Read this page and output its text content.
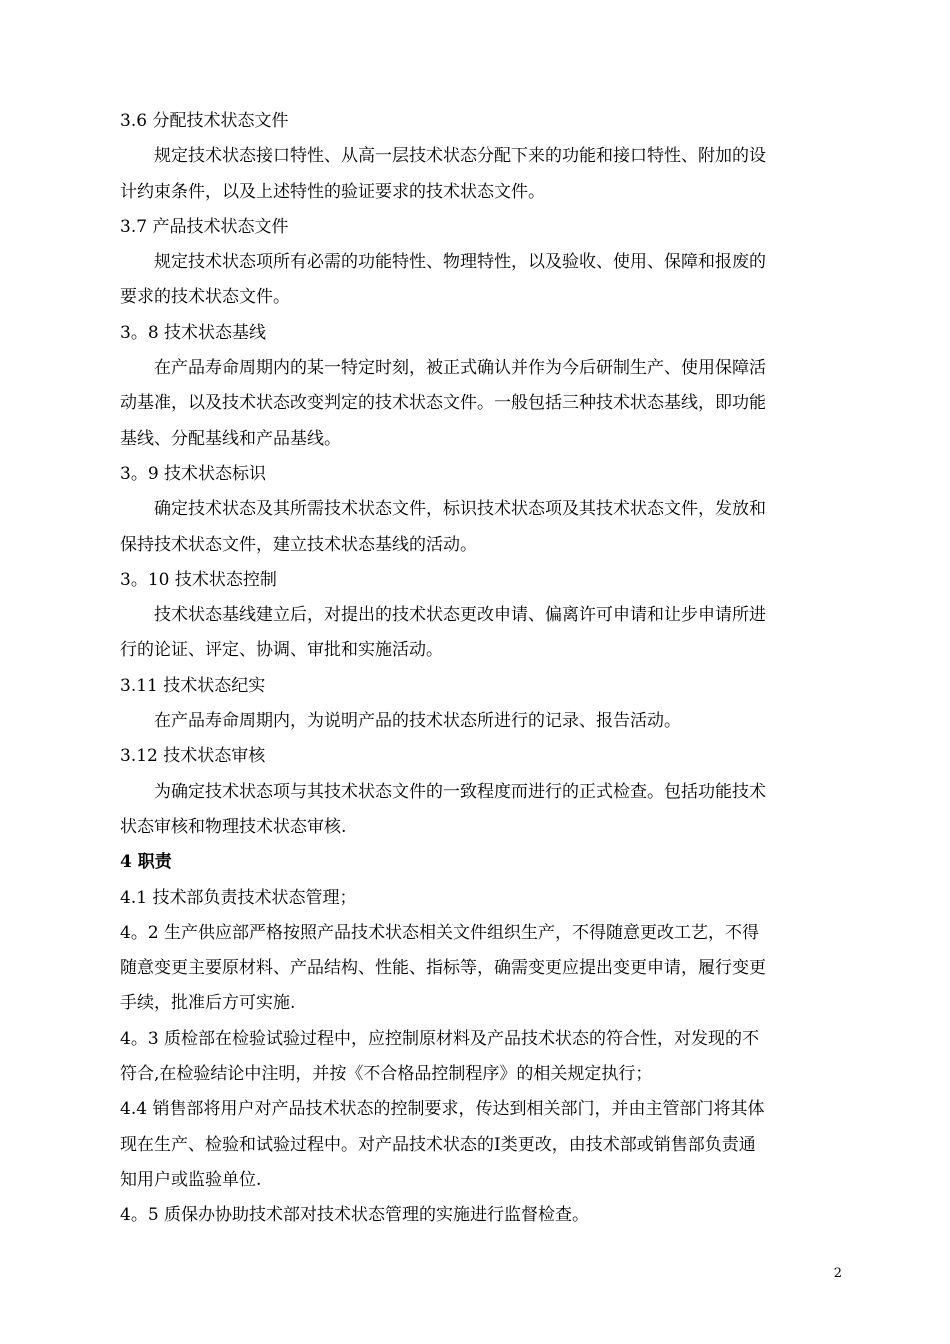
3.6 分配技术状态文件
规定技术状态接口特性、从高一层技术状态分配下来的功能和接口特性、附加的设
计约束条件，以及上述特性的验证要求的技术状态文件。
3.7 产品技术状态文件
规定技术状态项所有必需的功能特性、物理特性，以及验收、使用、保障和报废的
要求的技术状态文件。
3。8 技术状态基线
在产品寿命周期内的某一特定时刻，被正式确认并作为今后研制生产、使用保障活
动基准，以及技术状态改变判定的技术状态文件。一般包括三种技术状态基线，即功能
基线、分配基线和产品基线。
3。9 技术状态标识
确定技术状态及其所需技术状态文件，标识技术状态项及其技术状态文件，发放和
保持技术状态文件，建立技术状态基线的活动。
3。10 技术状态控制
技术状态基线建立后，对提出的技术状态更改申请、偏离许可申请和让步申请所进
行的论证、评定、协调、审批和实施活动。
3.11 技术状态纪实
在产品寿命周期内，为说明产品的技术状态所进行的记录、报告活动。
3.12 技术状态审核
为确定技术状态项与其技术状态文件的一致程度而进行的正式检查。包括功能技术
状态审核和物理技术状态审核.
4 职责
4.1 技术部负责技术状态管理；
4。2 生产供应部严格按照产品技术状态相关文件组织生产，不得随意更改工艺，不得
随意变更主要原材料、产品结构、性能、指标等，确需变更应提出变更申请，履行变更
手续，批准后方可实施.
4。3 质检部在检验试验过程中，应控制原材料及产品技术状态的符合性，对发现的不
符合,在检验结论中注明，并按《不合格品控制程序》的相关规定执行；
4.4 销售部将用户对产品技术状态的控制要求，传达到相关部门，并由主管部门将其体
现在生产、检验和试验过程中。对产品技术状态的Ⅰ类更改，由技术部或销售部负责通
知用户或监验单位.
4。5 质保办协助技术部对技术状态管理的实施进行监督检查。
2
